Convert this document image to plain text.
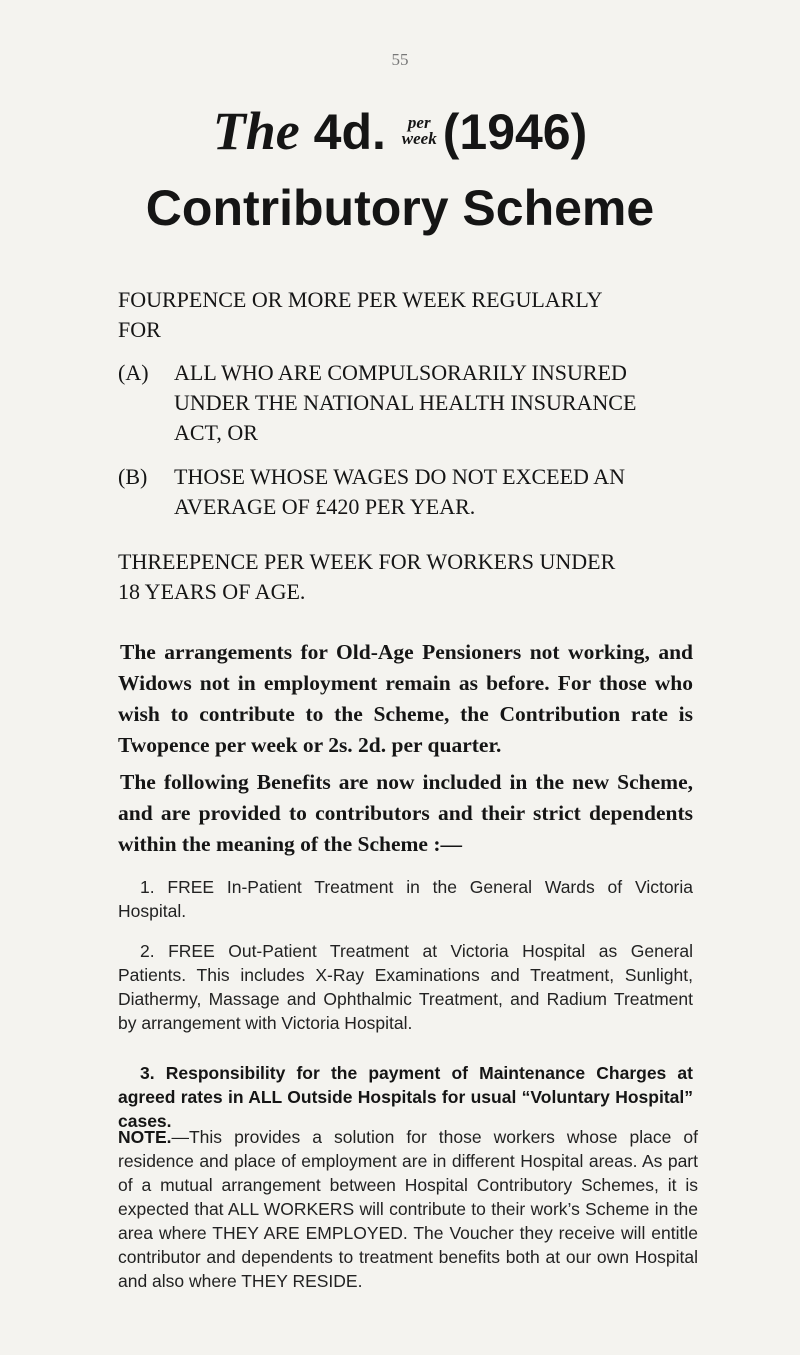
55
The 4d.	per
week (1946)
Contributory Scheme

FOURPENCE OR MORE PER WEEK REGULARLY

FOR

(A) ALL WHO ARE COMPULSORARILY INSURED

UNDER THE NATIONAL HEALTH INSURANCE

ACT, OR

(B) THOSE WHOSE WAGES DO NOT EXCEED AN

AVERAGE OF £420 PER YEAR.

THREEPENCE PER WEEK FOR WORKERS UNDER

18 YEARS OF AGE.

The arrangements for Old-Age Pensioners not working, and Widows not in employment remain as before. For those who wish to contribute to the Scheme, the Contribution rate is Twopence per week or 2s. 2d. per quarter.

The following Benefits are now included in the new Scheme, and are provided to contributors and their strict dependents within the meaning of the Scheme :—

1. FREE In-Patient Treatment in the General Wards of Victoria Hospital.

2. FREE Out-Patient Treatment at Victoria Hospital as General Patients. This includes X-Ray Examinations and Treatment, Sunlight, Diathermy, Massage and Ophthalmic Treatment, and Radium Treatment by arrangement with Victoria Hospital.

3. Responsibility for the payment of Maintenance Charges at agreed rates in ALL Outside Hospitals for usual “Voluntary Hospital” cases.

NOTE. —This provides a solution for those workers whose place of residence and place of employment are in different Hospital areas. As part of a mutual arrangement between Hospital Contributory Schemes, it is expected that ALL WORKERS will contribute to their work’s Scheme in the area where THEY ARE EMPLOYED. The Voucher they receive will entitle contributor and dependents to treatment benefits both at our own Hospital and also where THEY RESIDE.
